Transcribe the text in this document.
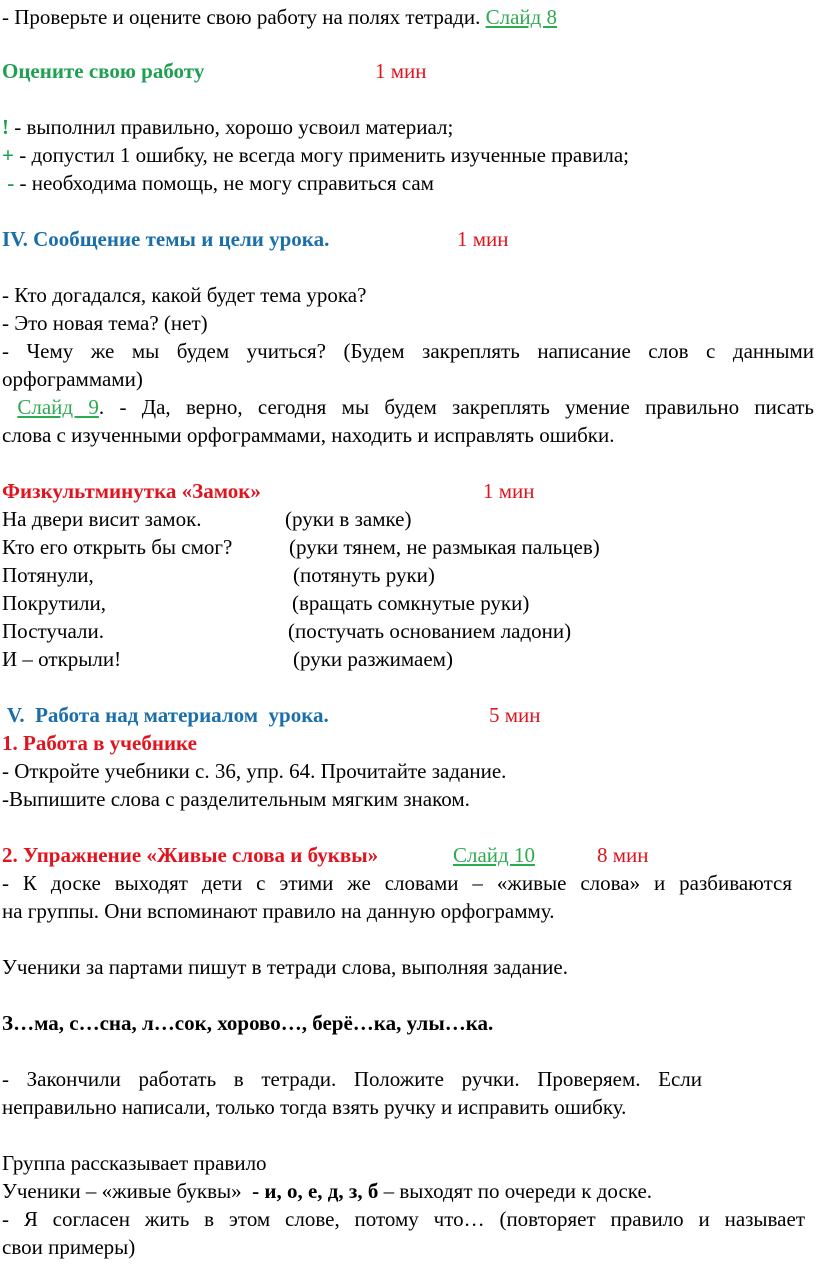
- Проверьте и оцените свою работу на полях тетради. Слайд 8
Оцените свою работу	1 мин
! - выполнил правильно, хорошо усвоил материал;
+ - допустил 1 ошибку, не всегда могу применить изученные правила;
- - необходима помощь, не могу справиться сам
IV. Сообщение темы и цели урока.	1 мин
- Кто догадался, какой будет тема урока?
- Это новая тема? (нет)
- Чему же мы будем учиться? (Будем закреплять написание слов с данными
орфограммами)
Слайд 9. - Да, верно, сегодня мы будем закреплять умение правильно писать
слова с изученными орфограммами, находить и исправлять ошибки.
Физкультминутка «Замок»	1 мин
На двери висит замок.	(руки в замке)
Кто его открыть бы смог?	(руки тянем, не размыкая пальцев)
Потянули,	(потянуть руки)
Покрутили,	(вращать сомкнутые руки)
Постучали.	(постучать основанием ладони)
И – открыли!	(руки разжимаем)
V.  Работа над материалом  урока.	5 мин
1. Работа в учебнике
- Откройте учебники с. 36, упр. 64. Прочитайте задание.
-Выпишите слова с разделительным мягким знаком.
2. Упражнение «Живые слова и буквы»	Слайд 10	8 мин
- К доске выходят дети с этими же словами – «живые слова» и разбиваются
на группы. Они вспоминают правило на данную орфограмму.
Ученики за партами пишут в тетради слова, выполняя задание.
З…ма, с…сна, л…сок, хорово…, берё…ка, улы…ка.
- Закончили работать в тетради. Положите ручки. Проверяем. Если
неправильно написали, только тогда взять ручку и исправить ошибку.
Группа рассказывает правило
Ученики – «живые буквы»  - и, о, е, д, з, б – выходят по очереди к доске.
- Я согласен жить в этом слове, потому что… (повторяет правило и называет
свои примеры)
